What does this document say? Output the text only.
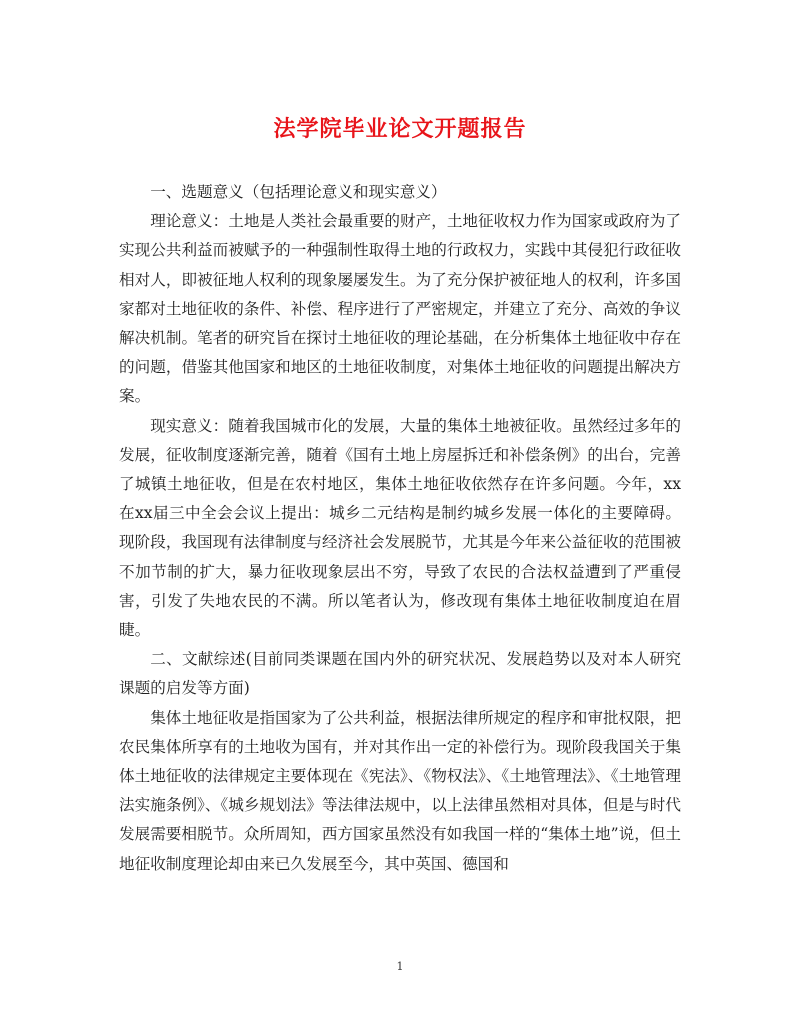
法学院毕业论文开题报告

一、选题意义（包括理论意义和现实意义）

理论意义：土地是人类社会最重要的财产，土地征收权力作为国家或政府为了实现公共利益而被赋予的一种强制性取得土地的行政权力，实践中其侵犯行政征收相对人，即被征地人权利的现象屡屡发生。为了充分保护被征地人的权利，许多国家都对土地征收的条件、补偿、程序进行了严密规定，并建立了充分、高效的争议解决机制。笔者的研究旨在探讨土地征收的理论基础，在分析集体土地征收中存在的问题，借鉴其他国家和地区的土地征收制度，对集体土地征收的问题提出解决方案。

现实意义：随着我国城市化的发展，大量的集体土地被征收。虽然经过多年的发展，征收制度逐渐完善，随着《国有土地上房屋拆迁和补偿条例》的出台，完善了城镇土地征收，但是在农村地区，集体土地征收依然存在许多问题。今年，xx在xx届三中全会会议上提出：城乡二元结构是制约城乡发展一体化的主要障碍。现阶段，我国现有法律制度与经济社会发展脱节，尤其是今年来公益征收的范围被不加节制的扩大，暴力征收现象层出不穷，导致了农民的合法权益遭到了严重侵害，引发了失地农民的不满。所以笔者认为，修改现有集体土地征收制度迫在眉睫。

二、文献综述(目前同类课题在国内外的研究状况、发展趋势以及对本人研究课题的启发等方面)

集体土地征收是指国家为了公共利益，根据法律所规定的程序和审批权限，把农民集体所享有的土地收为国有，并对其作出一定的补偿行为。现阶段我国关于集体土地征收的法律规定主要体现在《宪法》、《物权法》、《土地管理法》、《土地管理法实施条例》、《城乡规划法》等法律法规中，以上法律虽然相对具体，但是与时代发展需要相脱节。众所周知，西方国家虽然没有如我国一样的“集体土地”说，但土地征收制度理论却由来已久发展至今，其中英国、德国和

1
